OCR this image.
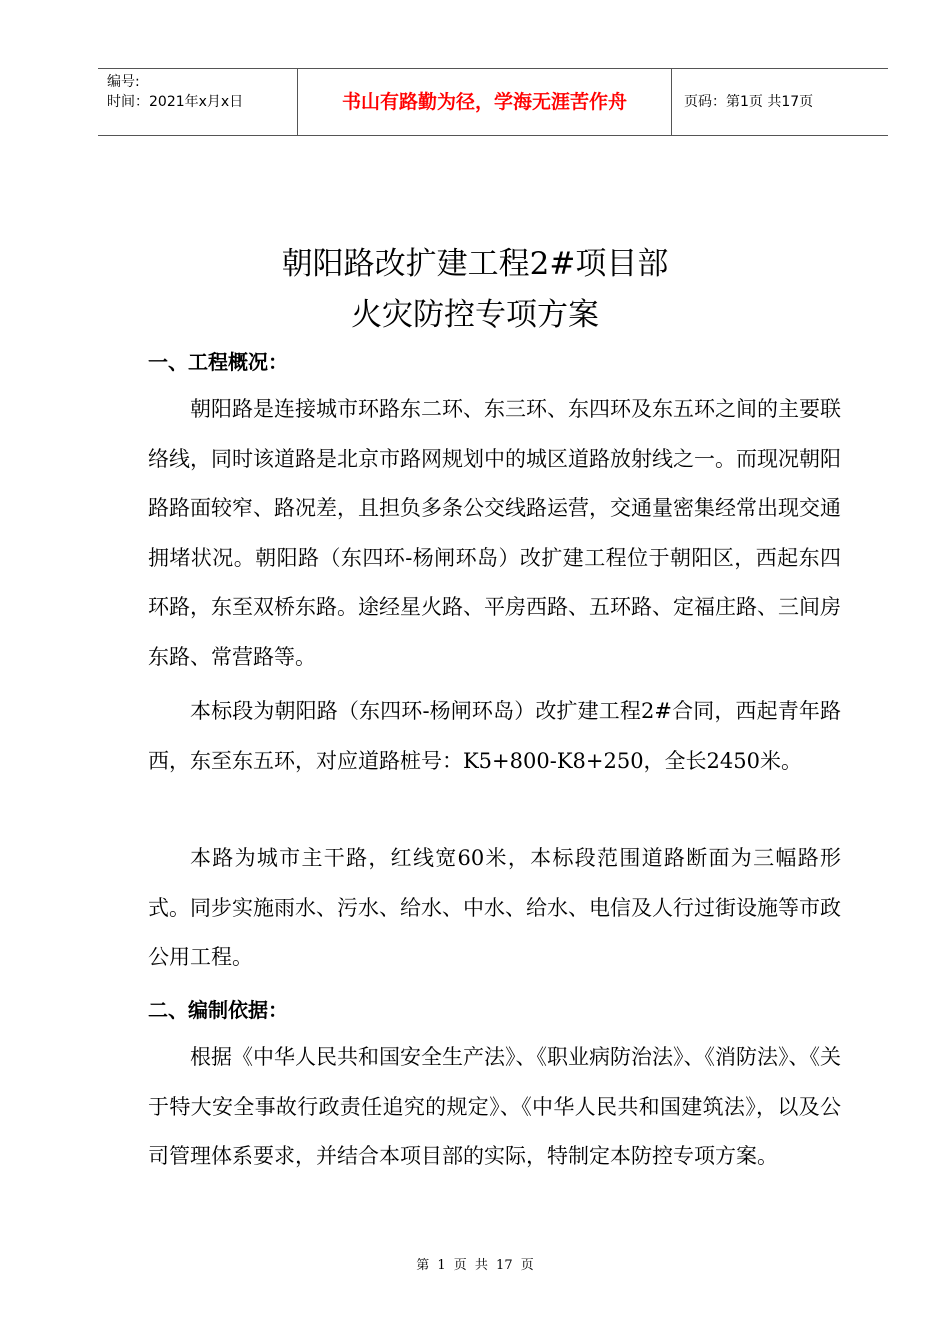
编号:
时间：2021年x月x日	书山有路勤为径，学海无涯苦作舟	页码：第1页 共17页
朝阳路改扩建工程2#项目部
火灾防控专项方案
一、工程概况：

朝阳路是连接城市环路东二环、东三环、东四环及东五环之间的主要联络线，同时该道路是北京市路网规划中的城区道路放射线之一。而现况朝阳路路面较窄、路况差，且担负多条公交线路运营，交通量密集经常出现交通拥堵状况。朝阳路（东四环-杨闸环岛）改扩建工程位于朝阳区，西起东四环路，东至双桥东路。途经星火路、平房西路、五环路、定福庄路、三间房东路、常营路等。

本标段为朝阳路（东四环-杨闸环岛）改扩建工程2#合同，西起青年路西，东至东五环，对应道路桩号：K5+800-K8+250，全长2450米。

本路为城市主干路，红线宽60米，本标段范围道路断面为三幅路形式。同步实施雨水、污水、给水、中水、给水、电信及人行过街设施等市政公用工程。

二、编制依据：

根据《中华人民共和国安全生产法》、《职业病防治法》、《消防法》、《关于特大安全事故行政责任追究的规定》、《中华人民共和国建筑法》，以及公司管理体系要求，并结合本项目部的实际，特制定本防控专项方案。

第 1 页 共 17 页
